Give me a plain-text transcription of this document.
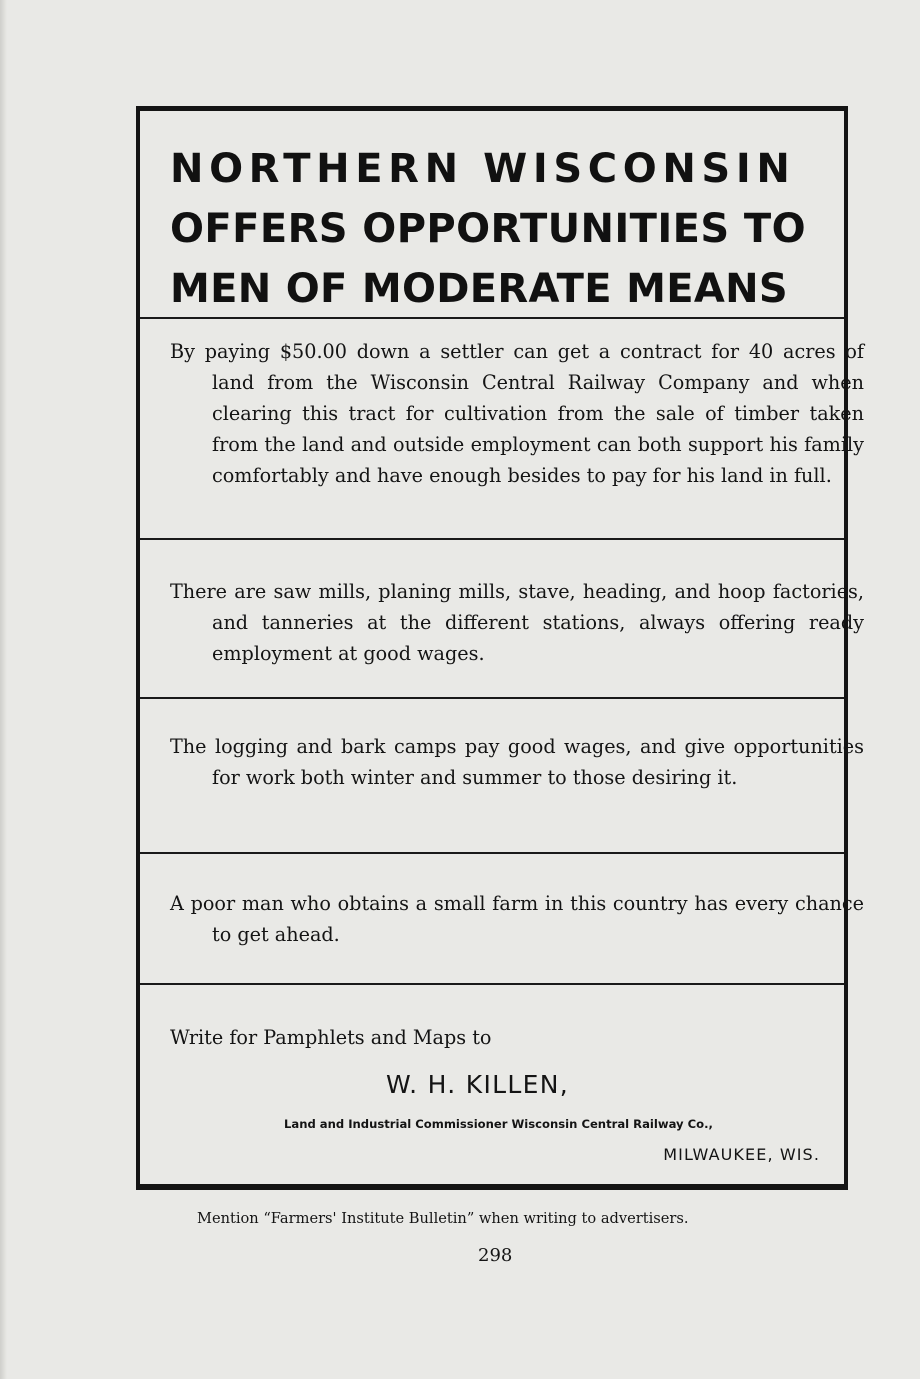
NORTHERN WISCONSIN
OFFERS OPPORTUNITIES TO
MEN OF MODERATE MEANS

By paying $50.00 down a settler can get a contract for 40 acres of land from the Wisconsin Central Railway Company and when clearing this tract for cultivation from the sale of timber taken from the land and outside employment can both support his family comfortably and have enough besides to pay for his land in full.

There are saw mills, planing mills, stave, heading, and hoop factories, and tanneries at the different stations, always offering ready employment at good wages.

The logging and bark camps pay good wages, and give opportunities for work both winter and summer to those desiring it.

A poor man who obtains a small farm in this country has every chance to get ahead.

Write for Pamphlets and Maps to

W. H. KILLEN,

Land and Industrial Commissioner Wisconsin Central Railway Co.,

MILWAUKEE, WIS.

Mention “Farmers' Institute Bulletin” when writing to advertisers.

298
